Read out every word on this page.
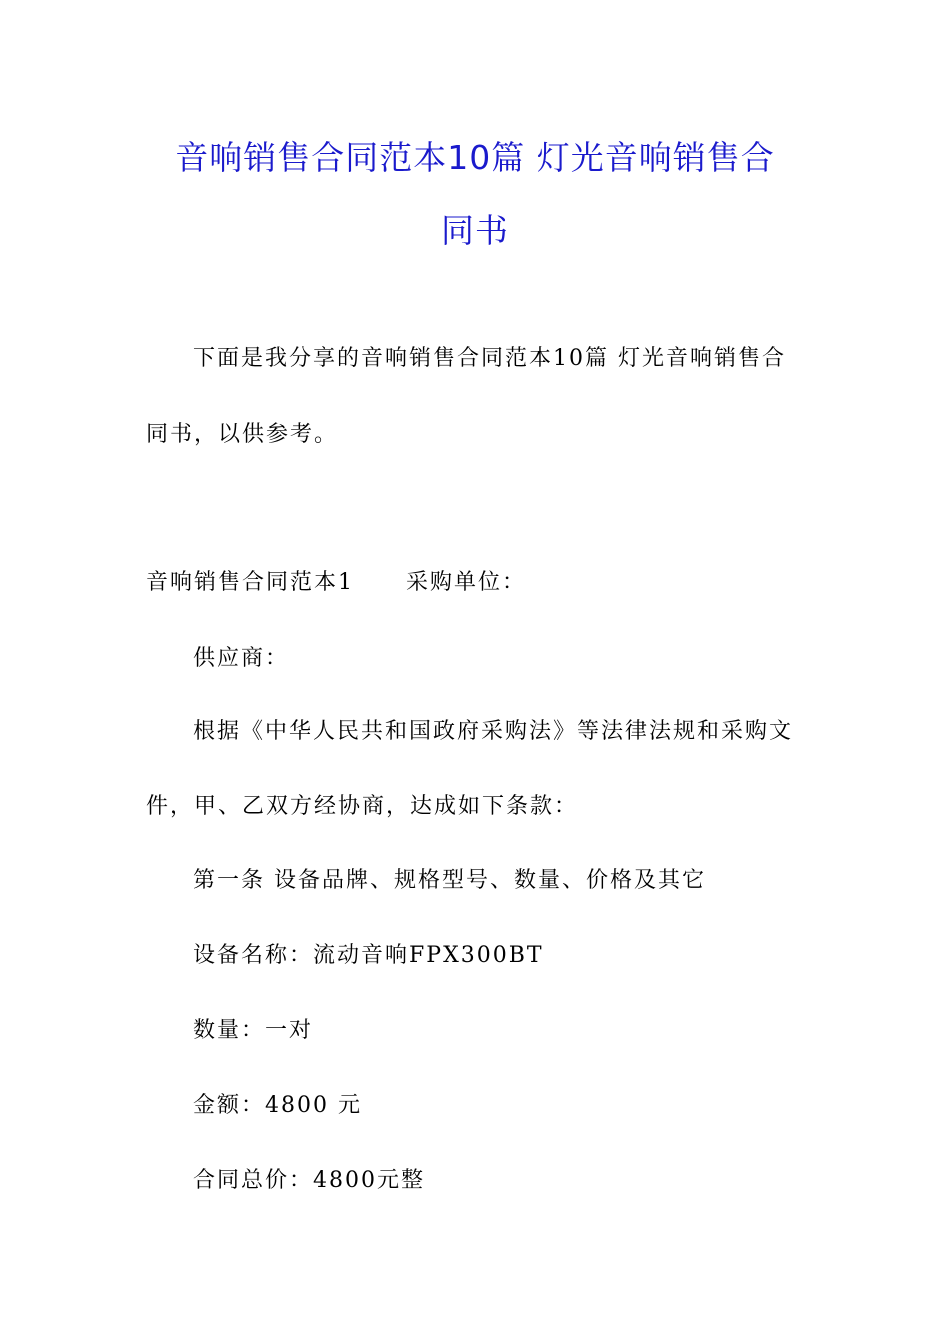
音响销售合同范本10篇 灯光音响销售合
同书
下面是我分享的音响销售合同范本10篇 灯光音响销售合
同书，以供参考。
音响销售合同范本1 采购单位：
供应商：
根据《中华人民共和国政府采购法》等法律法规和采购文
件，甲、乙双方经协商，达成如下条款：
第一条 设备品牌、规格型号、数量、价格及其它
设备名称：流动音响FPX300BT
数量：一对
金额：4800 元
合同总价：4800元整
